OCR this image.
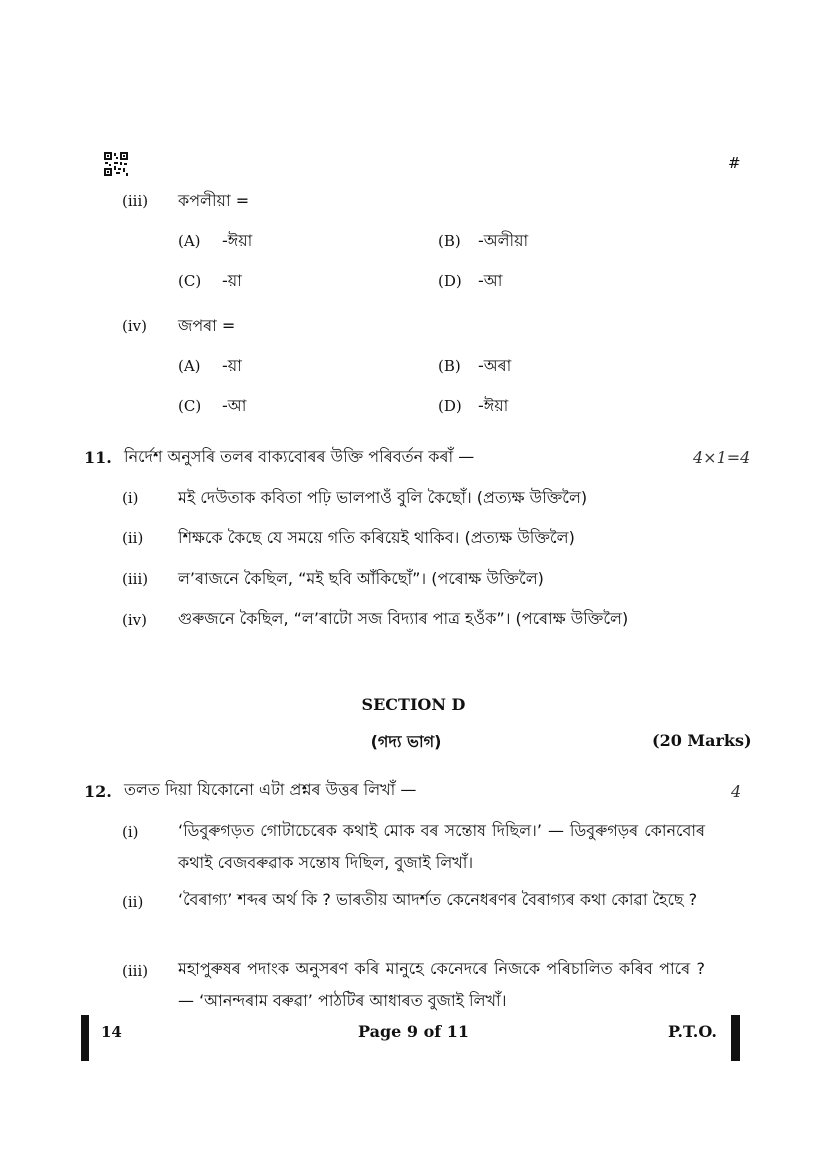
#
(iii) কপলীয়া =
(A) -ঈয়া	(B) -অলীয়া
(C) -য়া	(D) -আ
(iv) জপৰা =
(A) -য়া	(B) -অৰা
(C) -আ	(D) -ঈয়া
11. নিৰ্দেশ অনুসৰি তলৰ বাক্যবোৰৰ উক্তি পৰিবৰ্তন কৰাঁ —	4×1=4
(i) মই দেউতাক কবিতা পঢ়ি ভালপাওঁ বুলি কৈছোঁ। (প্ৰত্যক্ষ উক্তিলৈ)
(ii) শিক্ষকে কৈছে যে সময়ে গতি কৰিয়েই থাকিব। (প্ৰত্যক্ষ উক্তিলৈ)
(iii) ল’ৰাজনে কৈছিল, “মই ছবি আঁকিছোঁ”। (পৰোক্ষ উক্তিলৈ)
(iv) গুৰুজনে কৈছিল, “ল’ৰাটো সজ বিদ্যাৰ পাত্ৰ হওঁক”। (পৰোক্ষ উক্তিলৈ)
SECTION D
(গদ্য ভাগ)	(20 Marks)
12. তলত দিয়া যিকোনো এটা প্ৰশ্নৰ উত্তৰ লিখাঁ —	4
(i) ‘ডিবুৰুগড়ত গোটাচেৰেক কথাই মোক বৰ সন্তোষ দিছিল।’ — ডিবুৰুগড়ৰ কোনবোৰ কথাই বেজবৰুৱাক সন্তোষ দিছিল, বুজাই লিখাঁ।
(ii) ‘বৈৰাগ্য’ শব্দৰ অৰ্থ কি ? ভাৰতীয় আদৰ্শত কেনেধৰণৰ বৈৰাগ্যৰ কথা কোৱা হৈছে ?
(iii) মহাপুৰুষৰ পদাংক অনুসৰণ কৰি মানুহে কেনেদৰে নিজকে পৰিচালিত কৰিব পাৰে ? — ‘আনন্দৰাম বৰুৱা’ পাঠটিৰ আধাৰত বুজাই লিখাঁ।
14	Page 9 of 11	P.T.O.
